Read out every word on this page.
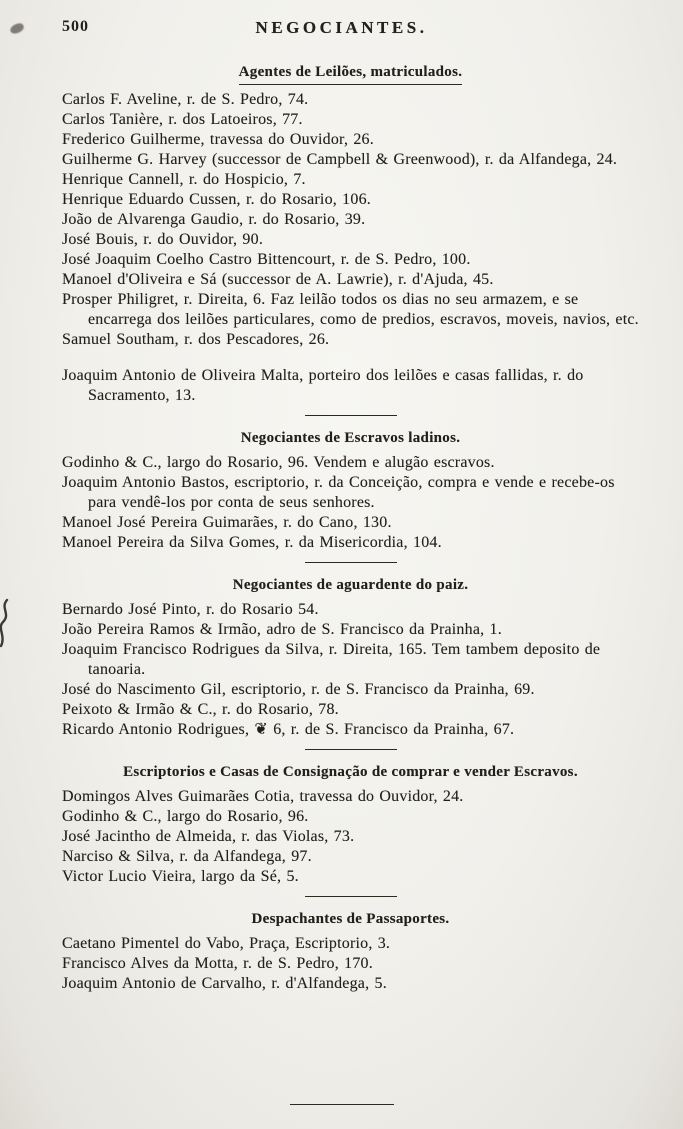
500	NEGOCIANTES.
Agentes de Leilões, matriculados.

Carlos F. Aveline, r. de S. Pedro, 74.

Carlos Tanière, r. dos Latoeiros, 77.

Frederico Guilherme, travessa do Ouvidor, 26.

Guilherme G. Harvey (successor de Campbell & Greenwood), r. da Alfandega, 24.

Henrique Cannell, r. do Hospicio, 7.

Henrique Eduardo Cussen, r. do Rosario, 106.

João de Alvarenga Gaudio, r. do Rosario, 39.

José Bouis, r. do Ouvidor, 90.

José Joaquim Coelho Castro Bittencourt, r. de S. Pedro, 100.

Manoel d'Oliveira e Sá (successor de A. Lawrie), r. d'Ajuda, 45.

Prosper Philigret, r. Direita, 6. Faz leilão todos os dias no seu armazem, e se encarrega dos leilões particulares, como de predios, escravos, moveis, navios, etc.

Samuel Southam, r. dos Pescadores, 26.

Joaquim Antonio de Oliveira Malta, porteiro dos leilões e casas fallidas, r. do Sacramento, 13.

Negociantes de Escravos ladinos.

Godinho & C., largo do Rosario, 96. Vendem e alugão escravos.

Joaquim Antonio Bastos, escriptorio, r. da Conceição, compra e vende e recebe-os para vendê-los por conta de seus senhores.

Manoel José Pereira Guimarães, r. do Cano, 130.

Manoel Pereira da Silva Gomes, r. da Misericordia, 104.

Negociantes de aguardente do paiz.

Bernardo José Pinto, r. do Rosario 54.

João Pereira Ramos & Irmão, adro de S. Francisco da Prainha, 1.

Joaquim Francisco Rodrigues da Silva, r. Direita, 165. Tem tambem deposito de tanoaria.

José do Nascimento Gil, escriptorio, r. de S. Francisco da Prainha, 69.

Peixoto & Irmão & C., r. do Rosario, 78.

Ricardo Antonio Rodrigues, ❦ 6, r. de S. Francisco da Prainha, 67.

Escriptorios e Casas de Consignação de comprar e vender Escravos.

Domingos Alves Guimarães Cotia, travessa do Ouvidor, 24.

Godinho & C., largo do Rosario, 96.

José Jacintho de Almeida, r. das Violas, 73.

Narciso & Silva, r. da Alfandega, 97.

Victor Lucio Vieira, largo da Sé, 5.

Despachantes de Passaportes.

Caetano Pimentel do Vabo, Praça, Escriptorio, 3.

Francisco Alves da Motta, r. de S. Pedro, 170.

Joaquim Antonio de Carvalho, r. d'Alfandega, 5.
